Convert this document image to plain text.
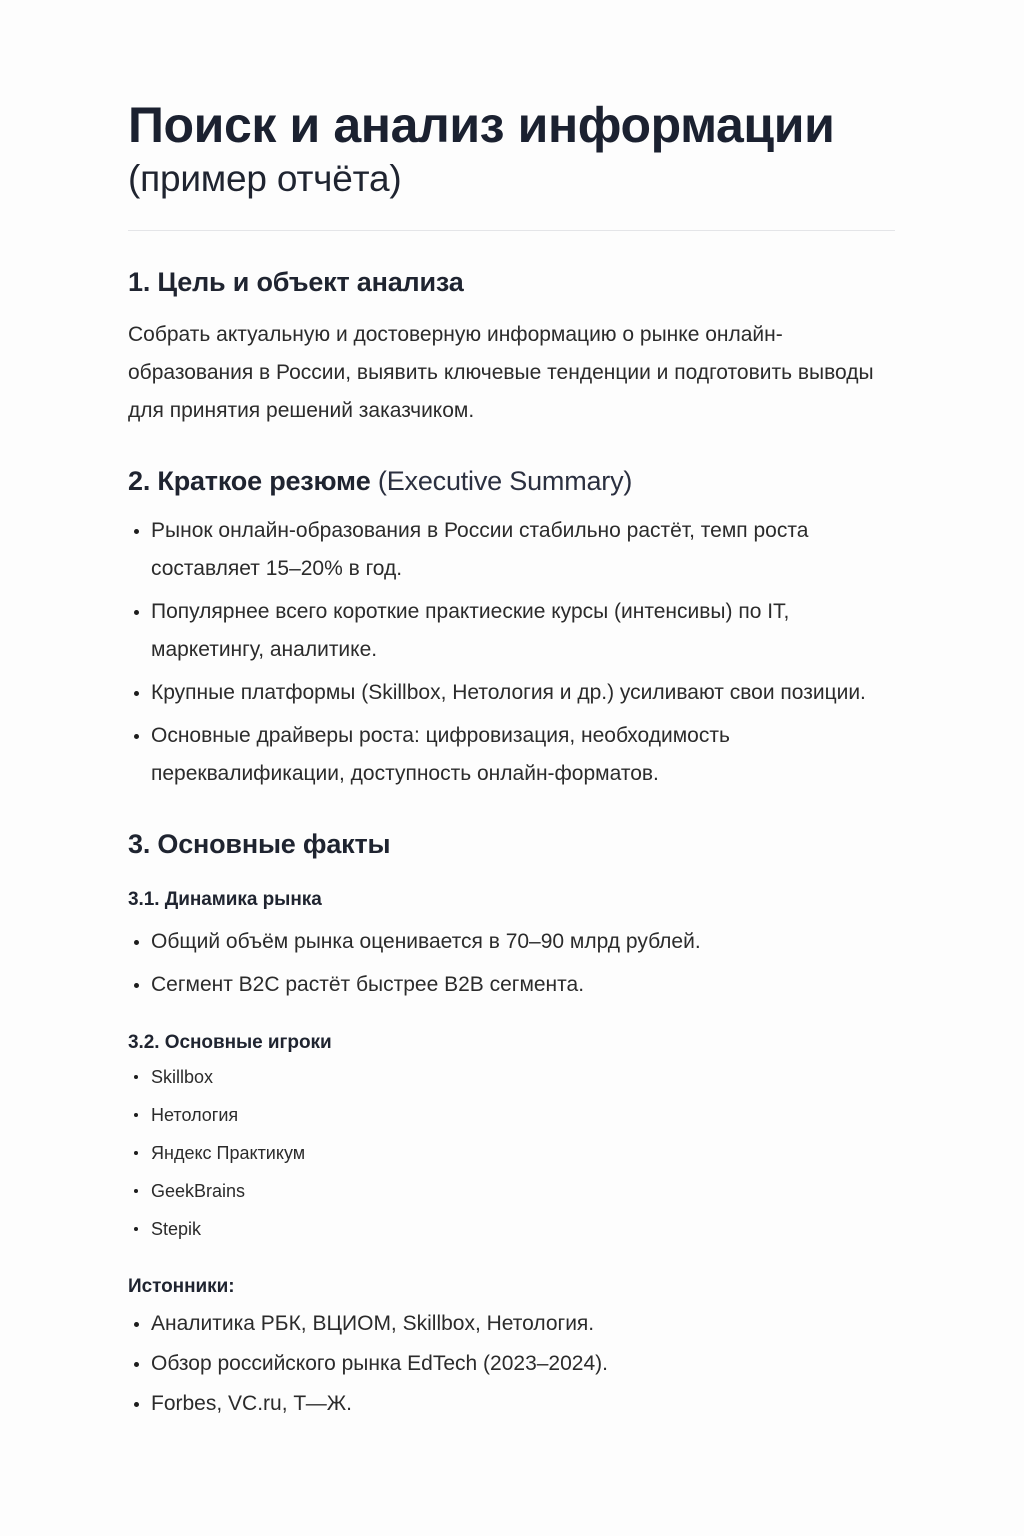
Поиск и анализ информации
(пример отчёта)
1. Цель и объект анализа

Собрать актуальную и достоверную информацию о рынке онлайн-образования в России, выявить ключевые тенденции и подготовить выводы для принятия решений заказчиком.

2. Краткое резюме (Executive Summary)
Рынок онлайн-образования в России стабильно растёт, темп роста составляет 15–20% в год.
Популярнее всего короткие практиеские курсы (интенсивы) по IT, маркетингу, аналитике.
Крупные платформы (Skillbox, Нетология и др.) усиливают свои позиции.
Основные драйверы роста: цифровизация, необходимость переквалификации, доступность онлайн-форматов.
3. Основные факты
3.1. Динамика рынка
Общий объём рынка оценивается в 70–90 млрд рублей.
Сегмент B2C растёт быстрее B2B сегмента.
3.2. Основные игроки
Skillbox
Нетология
Яндекс Практикум
GeekBrains
Stepik
Истонники:
Аналитика РБК, ВЦИОМ, Skillbox, Нетология.
Обзор российского рынка EdTech (2023–2024).
Forbes, VC.ru, Т—Ж.
